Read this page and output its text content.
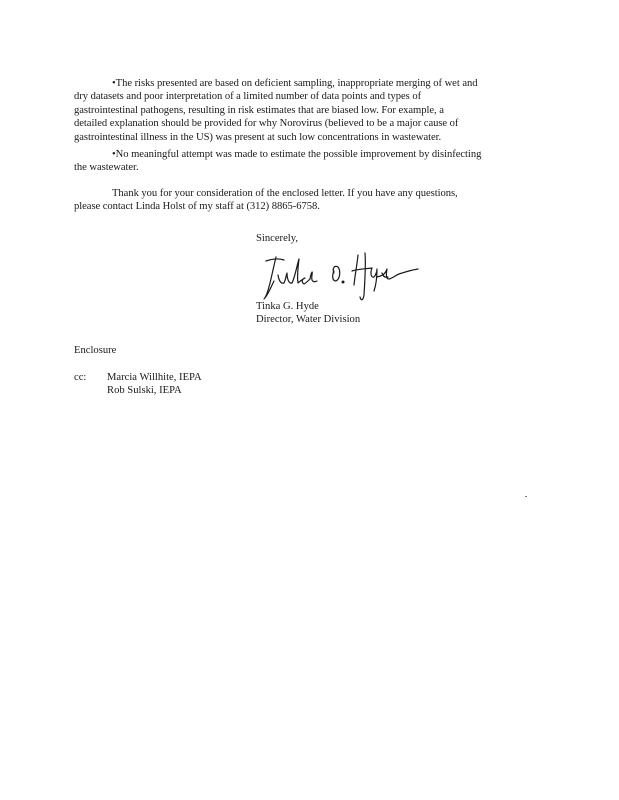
•The risks presented are based on deficient sampling, inappropriate merging of wet and
dry datasets and poor interpretation of a limited number of data points and types of
gastrointestinal pathogens, resulting in risk estimates that are biased low. For example, a
detailed explanation should be provided for why Norovirus (believed to be a major cause of
gastrointestinal illness in the US) was present at such low concentrations in wastewater.
•No meaningful attempt was made to estimate the possible improvement by disinfecting
the wastewater.
Thank you for your consideration of the enclosed letter. If you have any questions,
please contact Linda Holst of my staff at (312) 8865-6758.
Sincerely,
Tinka G. Hyde
Director, Water Division
Enclosure
cc: Marcia Willhite, IEPA
Rob Sulski, IEPA
